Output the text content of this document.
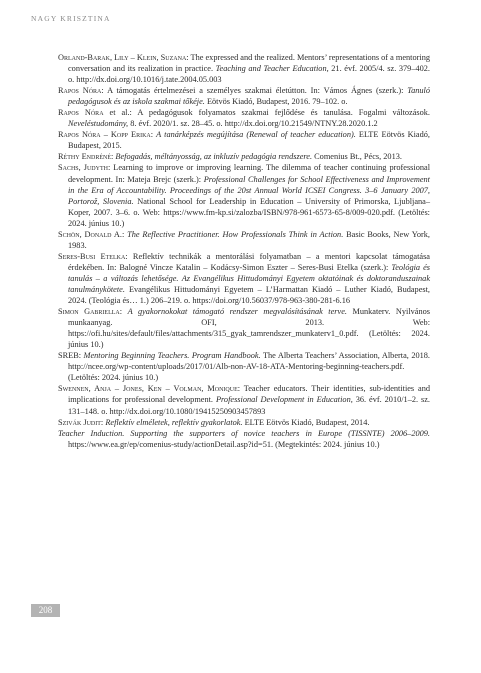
NAGY KRISZTINA

Orland-Barak, Lily – Klein, Suzana: The expressed and the realized. Mentors’ representations of a mentoring conversation and its realization in practice. Teaching and Teacher Education, 21. évf. 2005/4. sz. 379–402. o. http://dx.doi.org/10.1016/j.tate.2004.05.003

Rapos Nóra: A támogatás értelmezései a személyes szakmai életútton. In: Vámos Ágnes (szerk.): Tanuló pedagógusok és az iskola szakmai tőkéje. Eötvös Kiadó, Budapest, 2016. 79–102. o.

Rapos Nóra et al.: A pedagógusok folyamatos szakmai fejlődése és tanulása. Fogalmi változások. Neveléstudomány, 8. évf. 2020/1. sz. 28–45. o. http://dx.doi.org/10.21549/NTNY.28.2020.1.2

Rapos Nóra – Kopp Erika: A tanárképzés megújítása (Renewal of teacher education). ELTE Eötvös Kiadó, Budapest, 2015.

Réthy Endréné: Befogadás, méltányosság, az inkluzív pedagógia rendszere. Comenius Bt., Pécs, 2013.

Sachs, Judyth: Learning to improve or improving learning. The dilemma of teacher continuing professional development. In: Mateja Brejc (szerk.): Professional Challenges for School Effectiveness and Improvement in the Era of Accountability. Proceedings of the 20st Annual World ICSEI Congress. 3–6 January 2007, Portorož, Slovenia. National School for Leadership in Education – University of Primorska, Ljubljana–Koper, 2007. 3–6. o. Web: https://www.fm-kp.si/zalozba/ISBN/978-961-6573-65-8/009-020.pdf. (Letöltés: 2024. június 10.)

Schön, Donald A.: The Reflective Practitioner. How Professionals Think in Action. Basic Books, New York, 1983.

Seres-Busi Etelka: Reflektív technikák a mentorálási folyamatban – a mentori kapcsolat támogatása érdekében. In: Balogné Vincze Katalin – Kodácsy-Simon Eszter – Seres-Busi Etelka (szerk.): Teológia és tanulás – a változás lehetősége. Az Evangélikus Hittudományi Egyetem oktatóinak és doktoranduszainak tanulmánykötete. Evangélikus Hittudományi Egyetem – L’Harmattan Kiadó – Luther Kiadó, Budapest, 2024. (Teológia és… 1.) 206–219. o. https://doi.org/10.56037/978-963-380-281-6.16

Simon Gabriella: A gyakornokokat támogató rendszer megvalósításának terve. Munkaterv. Nyilvános munkaanyag. OFI, 2013. Web: https://ofi.hu/sites/default/files/attachments/315_gyak_tamrendszer_munkaterv1_0.pdf. (Letöltés: 2024. június 10.)

SREB: Mentoring Beginning Teachers. Program Handbook. The Alberta Teachers’ Association, Alberta, 2018. http://ncee.org/wp-content/uploads/2017/01/Alb-non-AV-18-ATA-Mentoring-beginning-teachers.pdf. (Letöltés: 2024. június 10.)

Swennen, Anja – Jones, Ken – Volman, Monique: Teacher educators. Their identities, sub-identities and implications for professional development. Professional Development in Education, 36. évf. 2010/1–2. sz. 131–148. o. http://dx.doi.org/10.1080/19415250903457893

Szivák Judit: Reflektív elméletek, reflektív gyakorlatok. ELTE Eötvös Kiadó, Budapest, 2014.

Teacher Induction. Supporting the supporters of novice teachers in Europe (TISSNTE) 2006–2009. https://www.ea.gr/ep/comenius-study/actionDetail.asp?id=51. (Megtekintés: 2024. június 10.)

208
